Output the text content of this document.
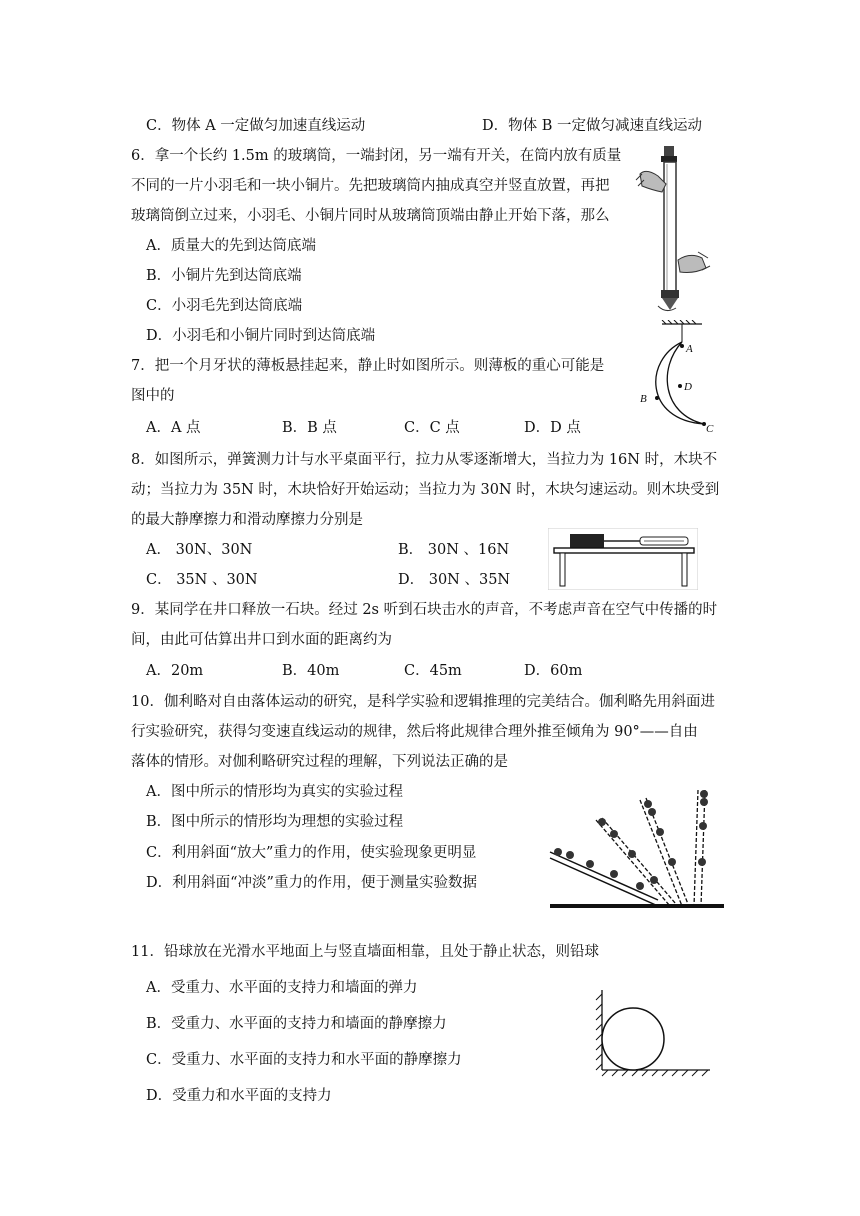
C．物体 A 一定做匀加速直线运动	D．物体 B 一定做匀减速直线运动
6．拿一个长约 1.5m 的玻璃筒，一端封闭，另一端有开关，在筒内放有质量
不同的一片小羽毛和一块小铜片。先把玻璃筒内抽成真空并竖直放置，再把
玻璃筒倒立过来，小羽毛、小铜片同时从玻璃筒顶端由静止开始下落，那么
A．质量大的先到达筒底端
B．小铜片先到达筒底端
C．小羽毛先到达筒底端
D．小羽毛和小铜片同时到达筒底端
7．把一个月牙状的薄板悬挂起来，静止时如图所示。则薄板的重心可能是
图中的
A．A 点	B．B 点	C．C 点	D．D 点
A
B
C
D
8．如图所示，弹簧测力计与水平桌面平行，拉力从零逐渐增大，当拉力为 16N 时，木块不
动；当拉力为 35N 时，木块恰好开始运动；当拉力为 30N 时，木块匀速运动。则木块受到
的最大静摩擦力和滑动摩擦力分别是
A． 30N、30N	B． 30N 、16N
C． 35N 、30N	D． 30N 、35N
9．某同学在井口释放一石块。经过 2s 听到石块击水的声音，不考虑声音在空气中传播的时
间，由此可估算出井口到水面的距离约为
A．20m	B．40m	C．45m	D．60m
10．伽利略对自由落体运动的研究，是科学实验和逻辑推理的完美结合。伽利略先用斜面进
行实验研究，获得匀变速直线运动的规律，然后将此规律合理外推至倾角为 90°——自由
落体的情形。对伽利略研究过程的理解，下列说法正确的是
A．图中所示的情形均为真实的实验过程
B．图中所示的情形均为理想的实验过程
C．利用斜面“放大”重力的作用，使实验现象更明显
D．利用斜面“冲淡”重力的作用，便于测量实验数据
11．铅球放在光滑水平地面上与竖直墙面相靠，且处于静止状态，则铅球
A．受重力、水平面的支持力和墙面的弹力
B．受重力、水平面的支持力和墙面的静摩擦力
C．受重力、水平面的支持力和水平面的静摩擦力
D．受重力和水平面的支持力
